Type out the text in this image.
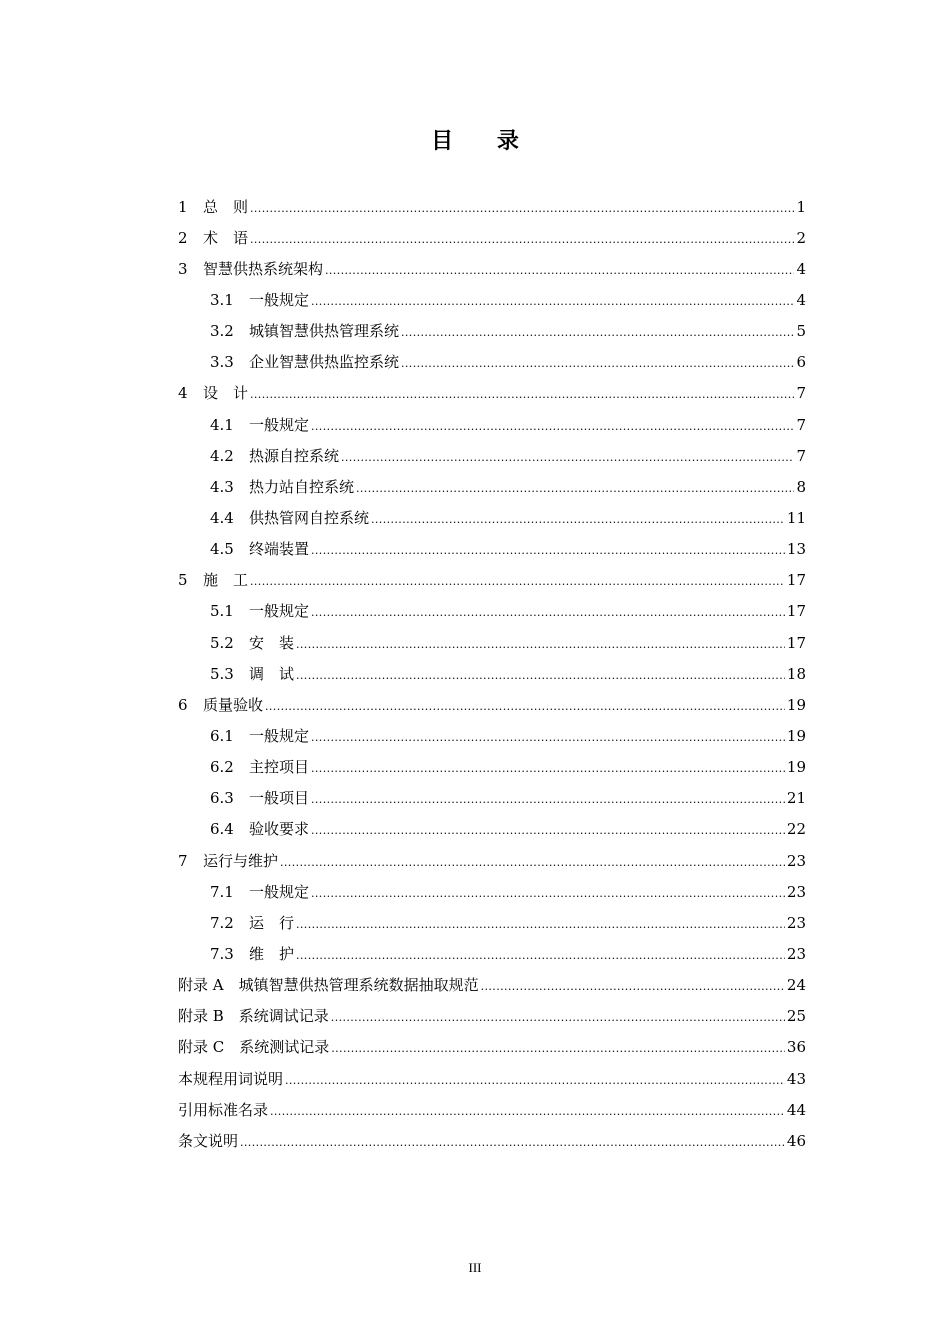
目 录
1	总　则 .....	1
2	术　语 .....	2
3	智慧供热系统架构 .....	4
3.1	一般规定 .....	4
3.2	城镇智慧供热管理系统 .....	5
3.3	企业智慧供热监控系统 .....	6
4	设　计 .....	7
4.1	一般规定 .....	7
4.2	热源自控系统 .....	7
4.3	热力站自控系统 .....	8
4.4	供热管网自控系统 .....	11
4.5	终端装置 .....	13
5	施　工 .....	17
5.1	一般规定 .....	17
5.2	安　装 .....	17
5.3	调　试 .....	18
6	质量验收 .....	19
6.1	一般规定 .....	19
6.2	主控项目 .....	19
6.3	一般项目 .....	21
6.4	验收要求 .....	22
7	运行与维护 .....	23
7.1	一般规定 .....	23
7.2	运　行 .....	23
7.3	维　护 .....	23
附录 A　城镇智慧供热管理系统数据抽取规范 .....	24
附录 B　系统调试记录 .....	25
附录 C　系统测试记录 .....	36
本规程用词说明 .....	43
引用标准名录 .....	44
条文说明 .....	46
III
